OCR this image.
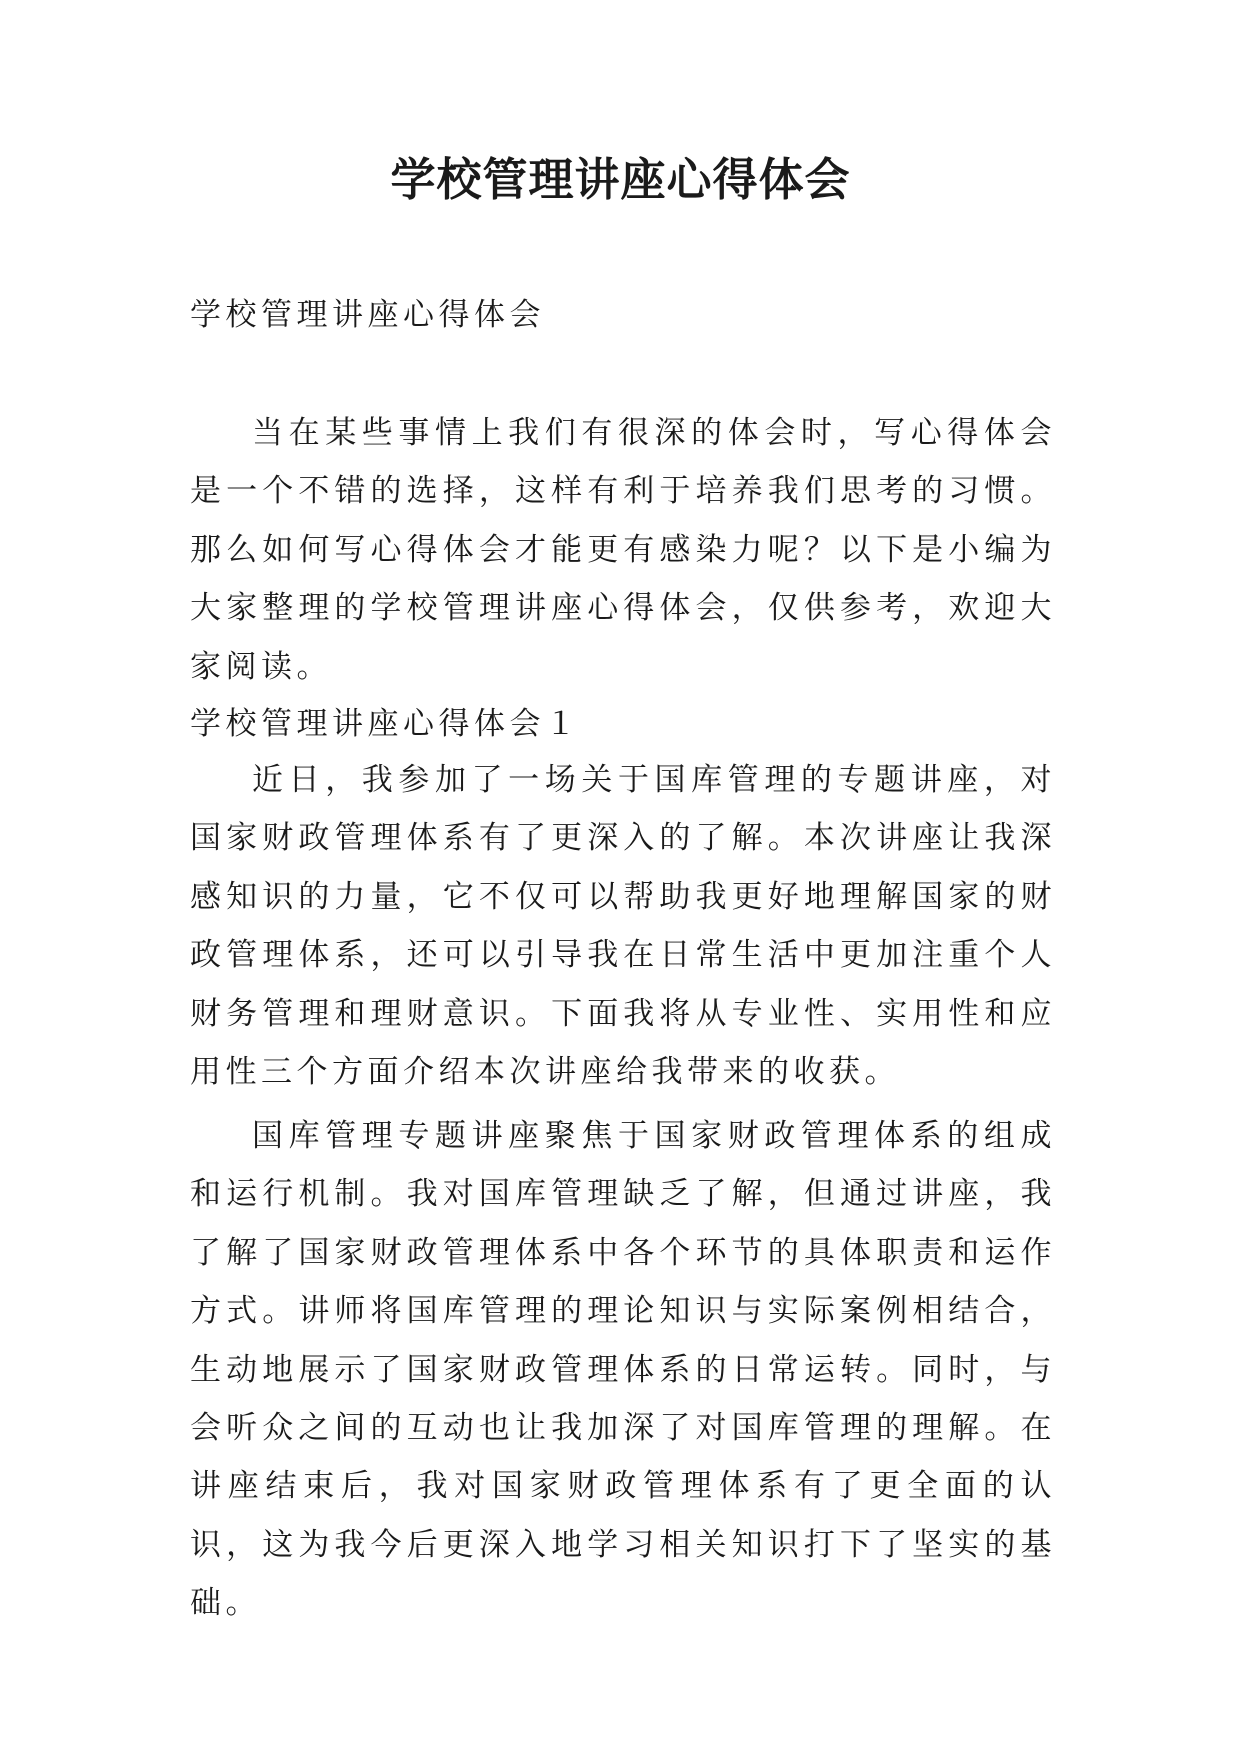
学校管理讲座心得体会

学校管理讲座心得体会

当在某些事情上我们有很深的体会时，写心得体会是一个不错的选择，这样有利于培养我们思考的习惯。那么如何写心得体会才能更有感染力呢？以下是小编为大家整理的学校管理讲座心得体会，仅供参考，欢迎大家阅读。

学校管理讲座心得体会１

近日，我参加了一场关于国库管理的专题讲座，对国家财政管理体系有了更深入的了解。本次讲座让我深感知识的力量，它不仅可以帮助我更好地理解国家的财政管理体系，还可以引导我在日常生活中更加注重个人财务管理和理财意识。下面我将从专业性、实用性和应用性三个方面介绍本次讲座给我带来的收获。

国库管理专题讲座聚焦于国家财政管理体系的组成和运行机制。我对国库管理缺乏了解，但通过讲座，我了解了国家财政管理体系中各个环节的具体职责和运作方式。讲师将国库管理的理论知识与实际案例相结合，生动地展示了国家财政管理体系的日常运转。同时，与会听众之间的互动也让我加深了对国库管理的理解。在讲座结束后，我对国家财政管理体系有了更全面的认识，这为我今后更深入地学习相关知识打下了坚实的基础。
